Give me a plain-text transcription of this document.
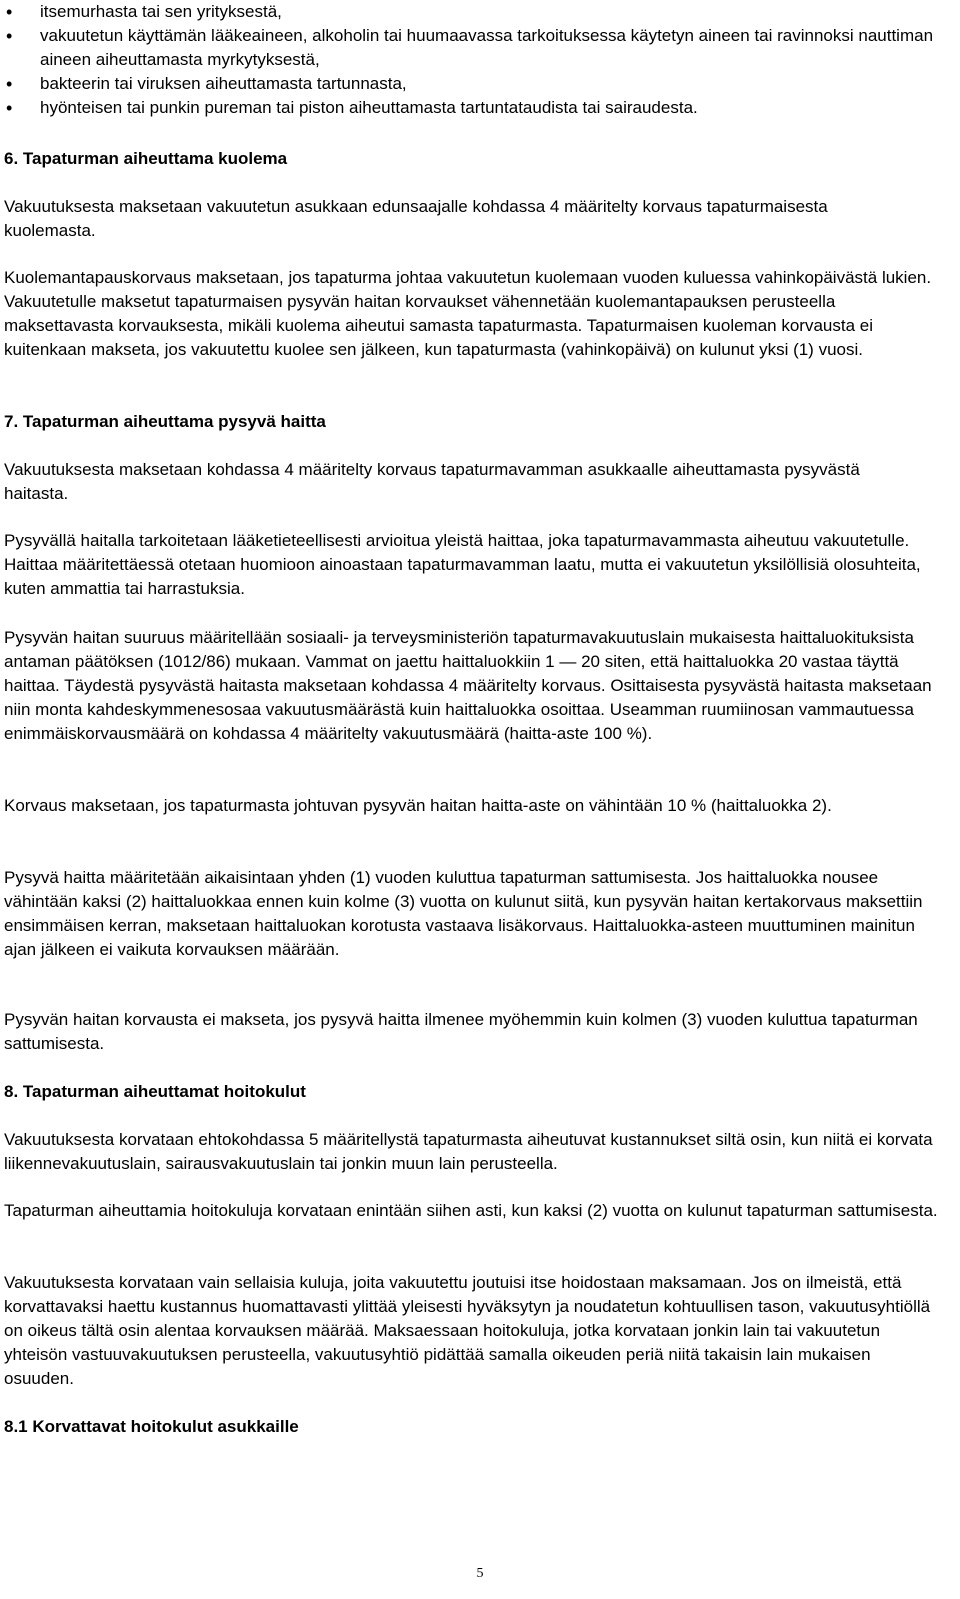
• itsemurhasta tai sen yrityksestä,
• vakuutetun käyttämän lääkeaineen, alkoholin tai huumaavassa tarkoituksessa käytetyn aineen tai ravinnoksi nauttiman aineen aiheuttamasta myrkytyksestä,
• bakteerin tai viruksen aiheuttamasta tartunnasta,
• hyönteisen tai punkin pureman tai piston aiheuttamasta tartuntataudista tai sairaudesta.
6. Tapaturman aiheuttama kuolema

Vakuutuksesta maksetaan vakuutetun asukkaan edunsaajalle kohdassa 4 määritelty korvaus tapaturmaisesta kuolemasta.

Kuolemantapauskorvaus maksetaan, jos tapaturma johtaa vakuutetun kuolemaan vuoden kuluessa vahinkopäivästä lukien. Vakuutetulle maksetut tapaturmaisen pysyvän haitan korvaukset vähennetään kuolemantapauksen perusteella maksettavasta korvauksesta, mikäli kuolema aiheutui samasta tapaturmasta. Tapaturmaisen kuoleman korvausta ei kuitenkaan makseta, jos vakuutettu kuolee sen jälkeen, kun tapaturmasta (vahinkopäivä) on kulunut yksi (1) vuosi.

7. Tapaturman aiheuttama pysyvä haitta

Vakuutuksesta maksetaan kohdassa 4 määritelty korvaus tapaturmavamman asukkaalle aiheuttamasta pysyvästä haitasta.

Pysyvällä haitalla tarkoitetaan lääketieteellisesti arvioitua yleistä haittaa, joka tapaturmavammasta aiheutuu vakuutetulle. Haittaa määritettäessä otetaan huomioon ainoastaan tapaturmavamman laatu, mutta ei vakuutetun yksilöllisiä olosuhteita, kuten ammattia tai harrastuksia.

Pysyvän haitan suuruus määritellään sosiaali- ja terveysministeriön tapaturmavakuutuslain mukaisesta haittaluokituksista antaman päätöksen (1012/86) mukaan. Vammat on jaettu haittaluokkiin 1 — 20 siten, että haittaluokka 20 vastaa täyttä haittaa. Täydestä pysyvästä haitasta maksetaan kohdassa 4 määritelty korvaus. Osittaisesta pysyvästä haitasta maksetaan niin monta kahdeskymmenesosaa vakuutusmäärästä kuin haittaluokka osoittaa. Useamman ruumiinosan vammautuessa enimmäiskorvausmäärä on kohdassa 4 määritelty vakuutusmäärä (haitta-aste 100 %).

Korvaus maksetaan, jos tapaturmasta johtuvan pysyvän haitan haitta-aste on vähintään 10 % (haittaluokka 2).

Pysyvä haitta määritetään aikaisintaan yhden (1) vuoden kuluttua tapaturman sattumisesta. Jos haittaluokka nousee vähintään kaksi (2) haittaluokkaa ennen kuin kolme (3) vuotta on kulunut siitä, kun pysyvän haitan kertakorvaus maksettiin ensimmäisen kerran, maksetaan haittaluokan korotusta vastaava lisäkorvaus. Haittaluokka-asteen muuttuminen mainitun ajan jälkeen ei vaikuta korvauksen määrään.

Pysyvän haitan korvausta ei makseta, jos pysyvä haitta ilmenee myöhemmin kuin kolmen (3) vuoden kuluttua tapaturman sattumisesta.

8. Tapaturman aiheuttamat hoitokulut

Vakuutuksesta korvataan ehtokohdassa 5 määritellystä tapaturmasta aiheutuvat kustannukset siltä osin, kun niitä ei korvata liikennevakuutuslain, sairausvakuutuslain tai jonkin muun lain perusteella.

Tapaturman aiheuttamia hoitokuluja korvataan enintään siihen asti, kun kaksi (2) vuotta on kulunut tapaturman sattumisesta.

Vakuutuksesta korvataan vain sellaisia kuluja, joita vakuutettu joutuisi itse hoidostaan maksamaan. Jos on ilmeistä, että korvattavaksi haettu kustannus huomattavasti ylittää yleisesti hyväksytyn ja noudatetun kohtuullisen tason, vakuutusyhtiöllä on oikeus tältä osin alentaa korvauksen määrää. Maksaessaan hoitokuluja, jotka korvataan jonkin lain tai vakuutetun yhteisön vastuuvakuutuksen perusteella, vakuutusyhtiö pidättää samalla oikeuden periä niitä takaisin lain mukaisen osuuden.

8.1 Korvattavat hoitokulut asukkaille
5
